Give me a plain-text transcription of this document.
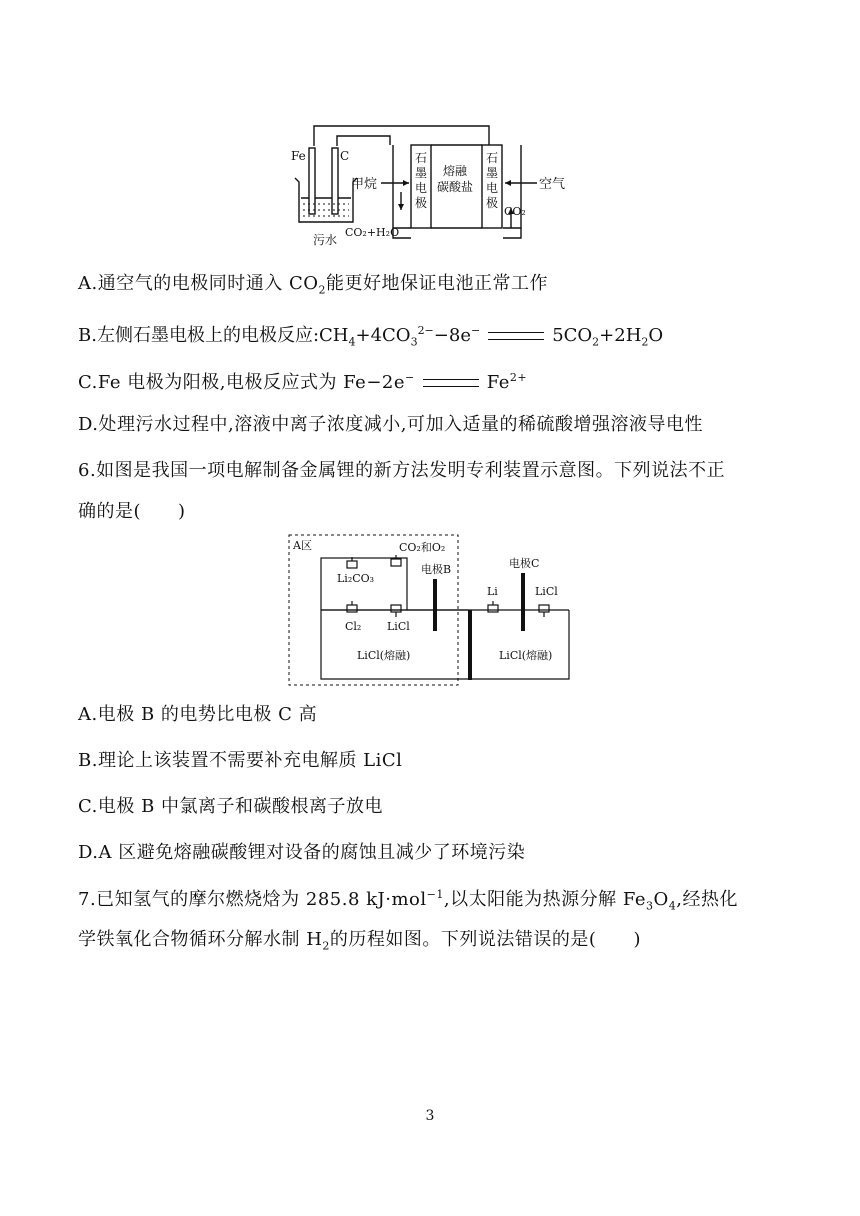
Fe	C
污水
甲烷	空气
石
墨
电
极
熔融
碳酸盐
石
墨
电
极
CO₂+H₂O
CO₂
A.通空气的电极同时通入 $CO_2$能更好地保证电池正常工作
B.左侧石墨电极上的电极反应$:CH_4+4CO_3^{2-}-8e^-$	$5CO_2+2H_2O$
C.Fe 电极为阳极,电极反应式为 Fe−2e−	$Fe^{2+}$
D.处理污水过程中,溶液中离子浓度减小,可加入适量的稀硫酸增强溶液导电性
6.如图是我国一项电解制备金属锂的新方法发明专利装置示意图。下列说法不正
确的是(　　)
A区	CO₂和O₂
Li₂CO₃
电极B
Cl₂ LiCl
LiCl(熔融)
电极C
Li	LiCl
LiCl(熔融)
A.电极 B 的电势比电极 C 高
B.理论上该装置不需要补充电解质 LiCl
C.电极 B 中氯离子和碳酸根离子放电
D.A 区避免熔融碳酸锂对设备的腐蚀且减少了环境污染
7.已知氢气的摩尔燃烧焓为 285.8 kJ·mol$^{-1}$,以太阳能为热源分解 $Fe_3O_4$,经热化
学铁氧化合物循环分解水制 $H_2$的历程如图。下列说法错误的是(　　)
3
